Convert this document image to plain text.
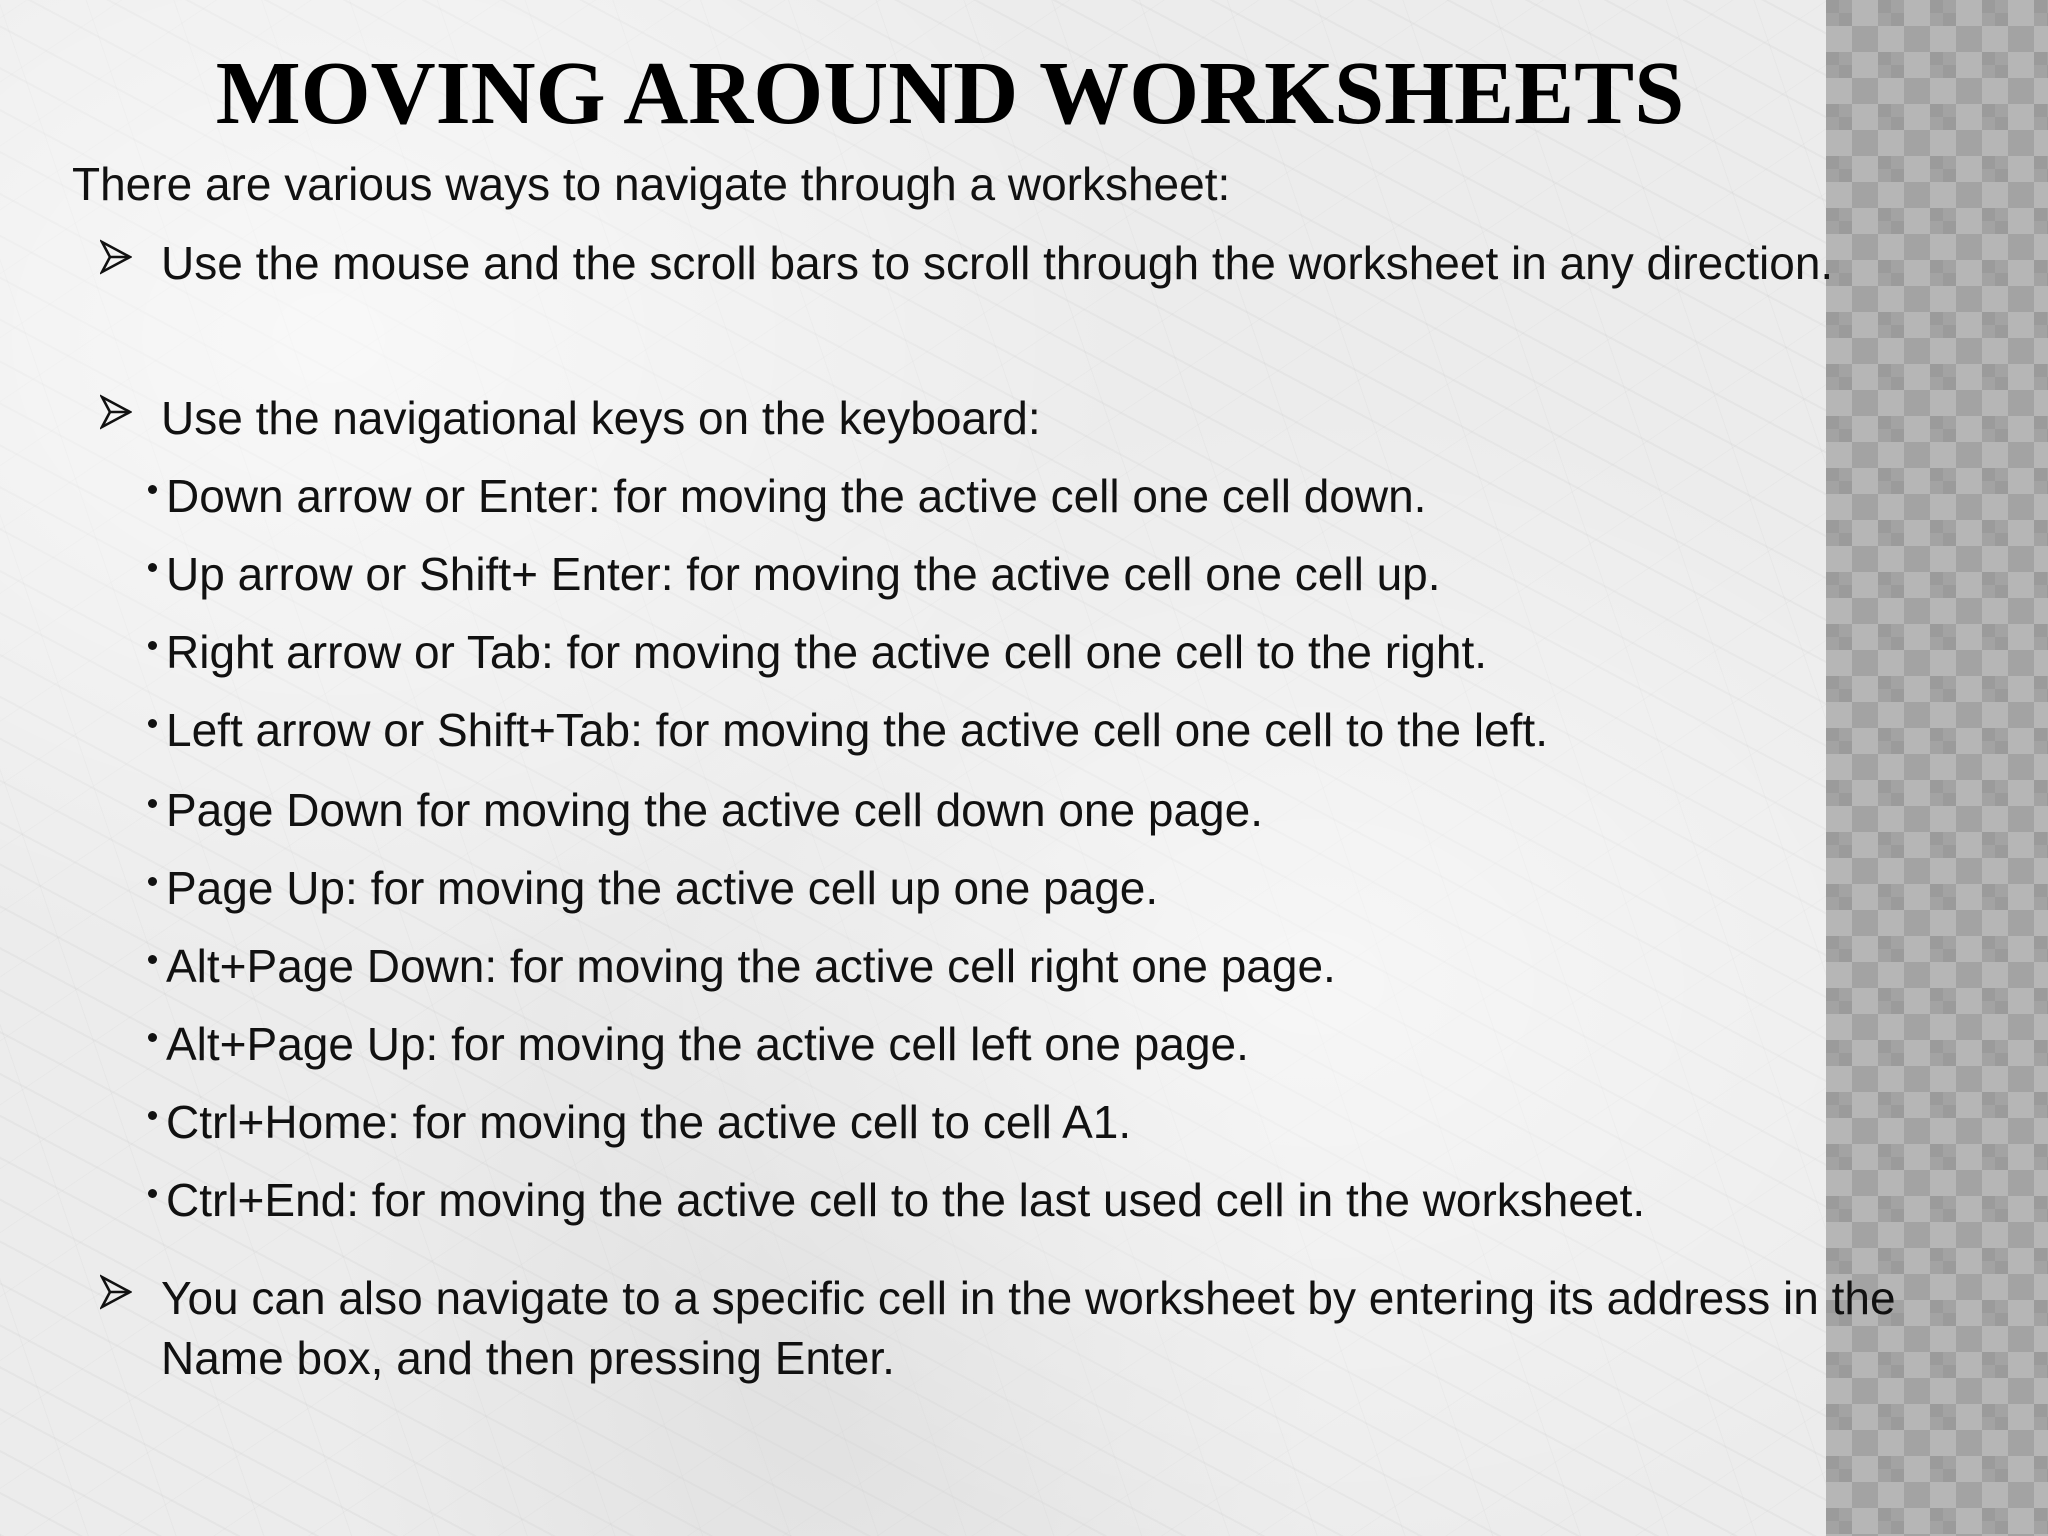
MOVING AROUND WORKSHEETS

There are various ways to navigate through a worksheet:

Use the mouse and the scroll bars to scroll through the worksheet in any direction.
Use the navigational keys on the keyboard:
Down arrow or Enter: for moving the active cell one cell down.
Up arrow or Shift+ Enter: for moving the active cell one cell up.
Right arrow or Tab: for moving the active cell one cell to the right.
Left arrow or Shift+Tab: for moving the active cell one cell to the left.
Page Down for moving the active cell down one page.
Page Up: for moving the active cell up one page.
Alt+Page Down: for moving the active cell right one page.
Alt+Page Up: for moving the active cell left one page.
Ctrl+Home: for moving the active cell to cell A1.
Ctrl+End: for moving the active cell to the last used cell in the worksheet.
You can also navigate to a specific cell in the worksheet by entering its address in the Name box, and then pressing Enter.
